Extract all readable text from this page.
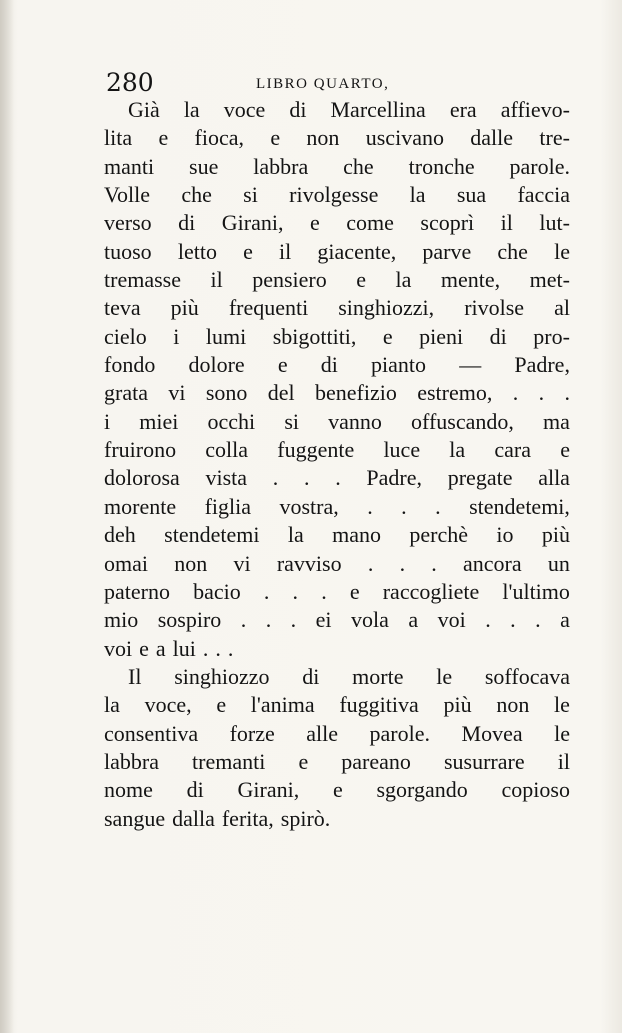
280	LIBRO QUARTO,
Già la voce di Marcellina era affievo-
lita e fioca, e non uscivano dalle tre-
manti sue labbra che tronche parole.
Volle che si rivolgesse la sua faccia
verso di Girani, e come scoprì il lut-
tuoso letto e il giacente, parve che le
tremasse il pensiero e la mente, met-
teva più frequenti singhiozzi, rivolse al
cielo i lumi sbigottiti, e pieni di pro-
fondo dolore e di pianto — Padre,
grata vi sono del benefizio estremo, . . .
i miei occhi si vanno offuscando, ma
fruirono colla fuggente luce la cara e
dolorosa vista . . . Padre, pregate alla
morente figlia vostra, . . . stendetemi,
deh stendetemi la mano perchè io più
omai non vi ravviso . . . ancora un
paterno bacio . . . e raccogliete l'ultimo
mio sospiro . . . ei vola a voi . . . a
voi e a lui . . .
Il singhiozzo di morte le soffocava
la voce, e l'anima fuggitiva più non le
consentiva forze alle parole. Movea le
labbra tremanti e pareano susurrare il
nome di Girani, e sgorgando copioso
sangue dalla ferita, spirò.
